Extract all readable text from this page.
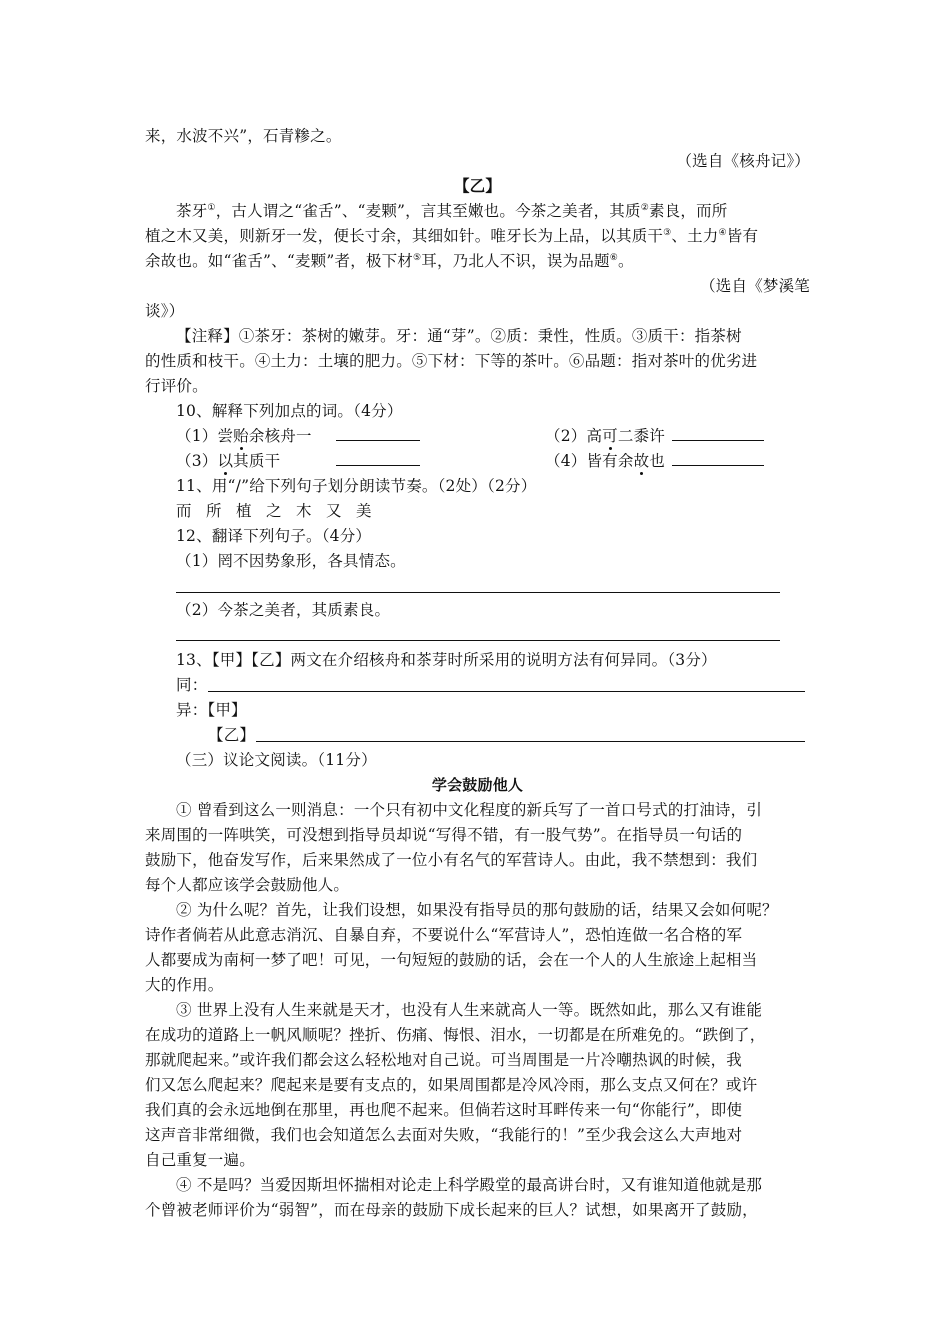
来，水波不兴”，石青糁之。
（选自《核舟记》）
【乙】
茶牙①，古人谓之“雀舌”、“麦颗”，言其至嫩也。今茶之美者，其质②素良，而所
植之木又美，则新牙一发，便长寸余，其细如针。唯牙长为上品，以其质干③、土力④皆有
余故也。如“雀舌”、“麦颗”者，极下材⑤耳，乃北人不识，误为品题⑥。
（选自《梦溪笔
谈》）
【注释】①茶牙：茶树的嫩芽。牙：通“芽”。②质：秉性，性质。③质干：指茶树
的性质和枝干。④土力：土壤的肥力。⑤下材：下等的茶叶。⑥品题：指对茶叶的优劣进
行评价。
10、解释下列加点的词。（4分）
（1）尝贻余核舟一	（2）高可二黍许
（3）以其质干	（4）皆有余故也
11、用“/”给下列句子划分朗读节奏。（2处）（2分）
而 所 植 之 木 又 美
12、翻译下列句子。（4分）
（1）罔不因势象形，各具情态。
（2）今茶之美者，其质素良。
13、【甲】【乙】两文在介绍核舟和茶芽时所采用的说明方法有何异同。（3分）
同：
异：【甲】
【乙】
（三）议论文阅读。（11分）
学会鼓励他人
① 曾看到这么一则消息：一个只有初中文化程度的新兵写了一首口号式的打油诗，引
来周围的一阵哄笑，可没想到指导员却说“写得不错，有一股气势”。在指导员一句话的
鼓励下，他奋发写作，后来果然成了一位小有名气的军营诗人。由此，我不禁想到：我们
每个人都应该学会鼓励他人。
② 为什么呢？首先，让我们设想，如果没有指导员的那句鼓励的话，结果又会如何呢？
诗作者倘若从此意志消沉、自暴自弃，不要说什么“军营诗人”，恐怕连做一名合格的军
人都要成为南柯一梦了吧！可见，一句短短的鼓励的话，会在一个人的人生旅途上起相当
大的作用。
③ 世界上没有人生来就是天才，也没有人生来就高人一等。既然如此，那么又有谁能
在成功的道路上一帆风顺呢？挫折、伤痛、悔恨、泪水，一切都是在所难免的。“跌倒了，
那就爬起来。”或许我们都会这么轻松地对自己说。可当周围是一片冷嘲热讽的时候，我
们又怎么爬起来？爬起来是要有支点的，如果周围都是冷风冷雨，那么支点又何在？或许
我们真的会永远地倒在那里，再也爬不起来。但倘若这时耳畔传来一句“你能行”，即使
这声音非常细微，我们也会知道怎么去面对失败，“我能行的！”至少我会这么大声地对
自己重复一遍。
④ 不是吗？当爱因斯坦怀揣相对论走上科学殿堂的最高讲台时，又有谁知道他就是那
个曾被老师评价为“弱智”，而在母亲的鼓励下成长起来的巨人？试想，如果离开了鼓励，
